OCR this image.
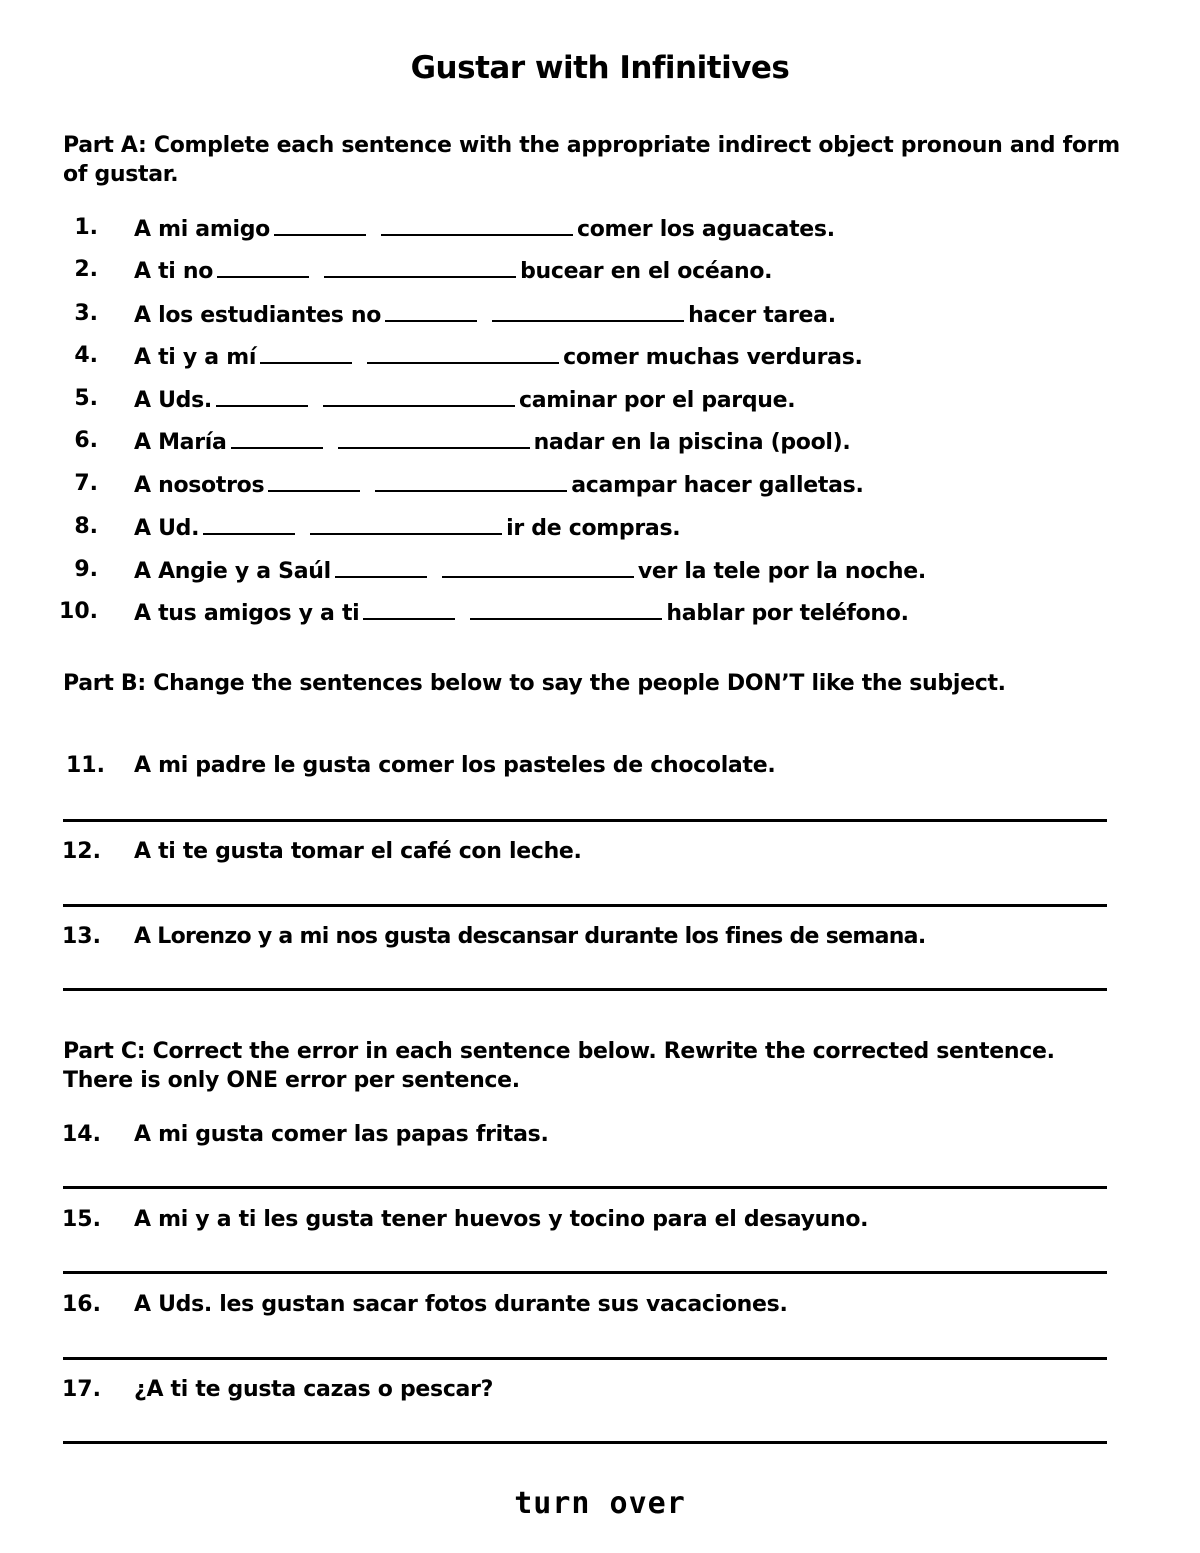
Gustar with Infinitives
Part A: Complete each sentence with the appropriate indirect object pronoun and form of gustar.
1. A mi amigo	comer los aguacates.
2. A ti no	bucear en el océano.
3. A los estudiantes no	hacer tarea.
4. A ti y a mí	comer muchas verduras.
5. A Uds.	caminar por el parque.
6. A María	nadar en la piscina (pool).
7. A nosotros	acampar hacer galletas.
8. A Ud.	ir de compras.
9. A Angie y a Saúl	ver la tele por la noche.
10. A tus amigos y a ti	hablar por teléfono.
Part B: Change the sentences below to say the people DON’T like the subject.
11. A mi padre le gusta comer los pasteles de chocolate.
12. A ti te gusta tomar el café con leche.
13. A Lorenzo y a mi nos gusta descansar durante los fines de semana.
Part C: Correct the error in each sentence below. Rewrite the corrected sentence. There is only ONE error per sentence.
14. A mi gusta comer las papas fritas.
15. A mi y a ti les gusta tener huevos y tocino para el desayuno.
16. A Uds. les gustan sacar fotos durante sus vacaciones.
17. ¿A ti te gusta cazas o pescar?
turn over
